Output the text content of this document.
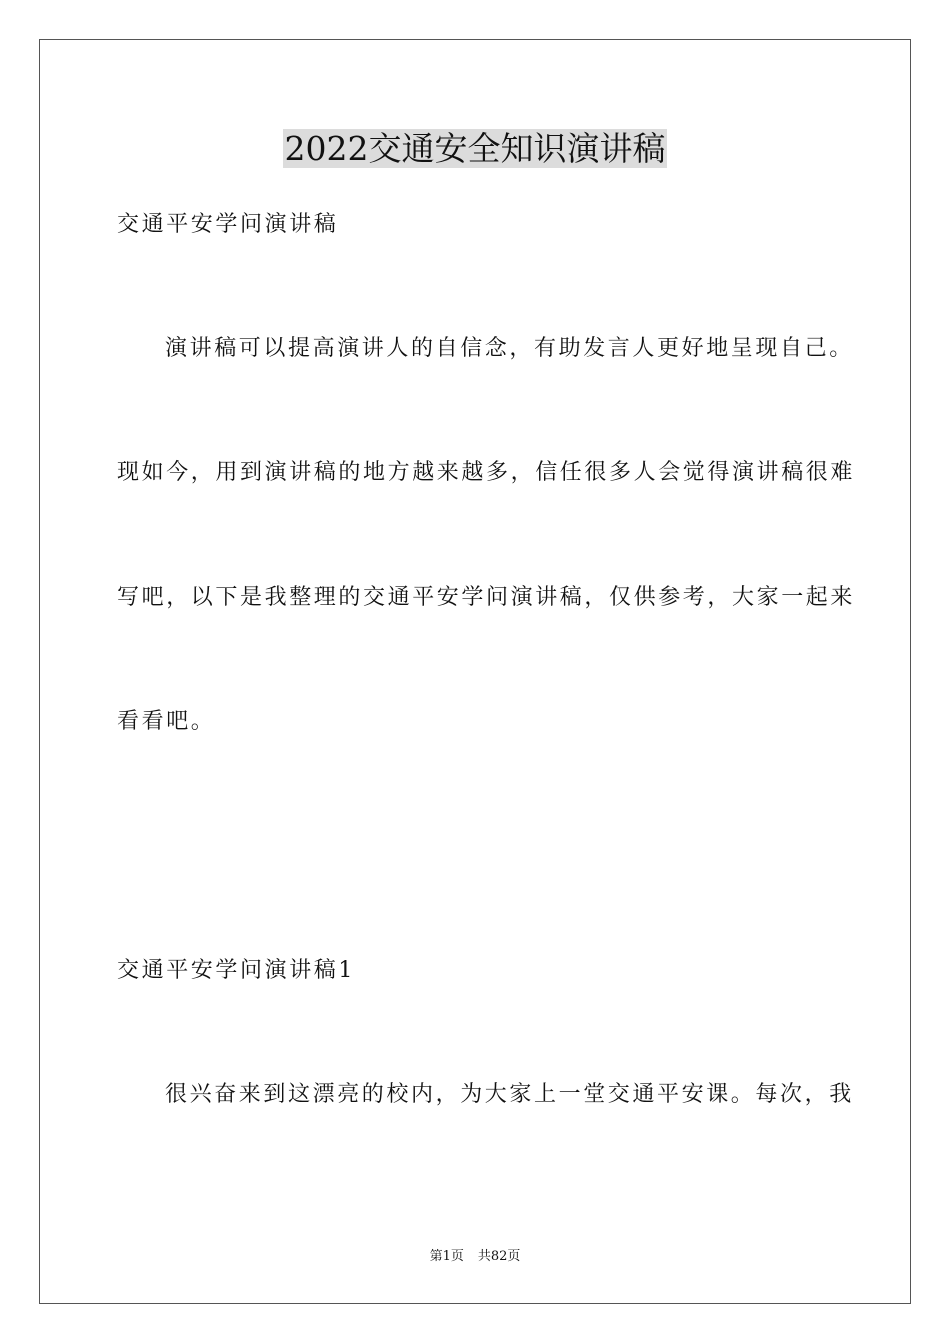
2022交通安全知识演讲稿

交通平安学问演讲稿

演讲稿可以提高演讲人的自信念，有助发言人更好地呈现自己。

现如今，用到演讲稿的地方越来越多，信任很多人会觉得演讲稿很难

写吧，以下是我整理的交通平安学问演讲稿，仅供参考，大家一起来

看看吧。

交通平安学问演讲稿1

很兴奋来到这漂亮的校内，为大家上一堂交通平安课。每次，我

第1页 共82页
